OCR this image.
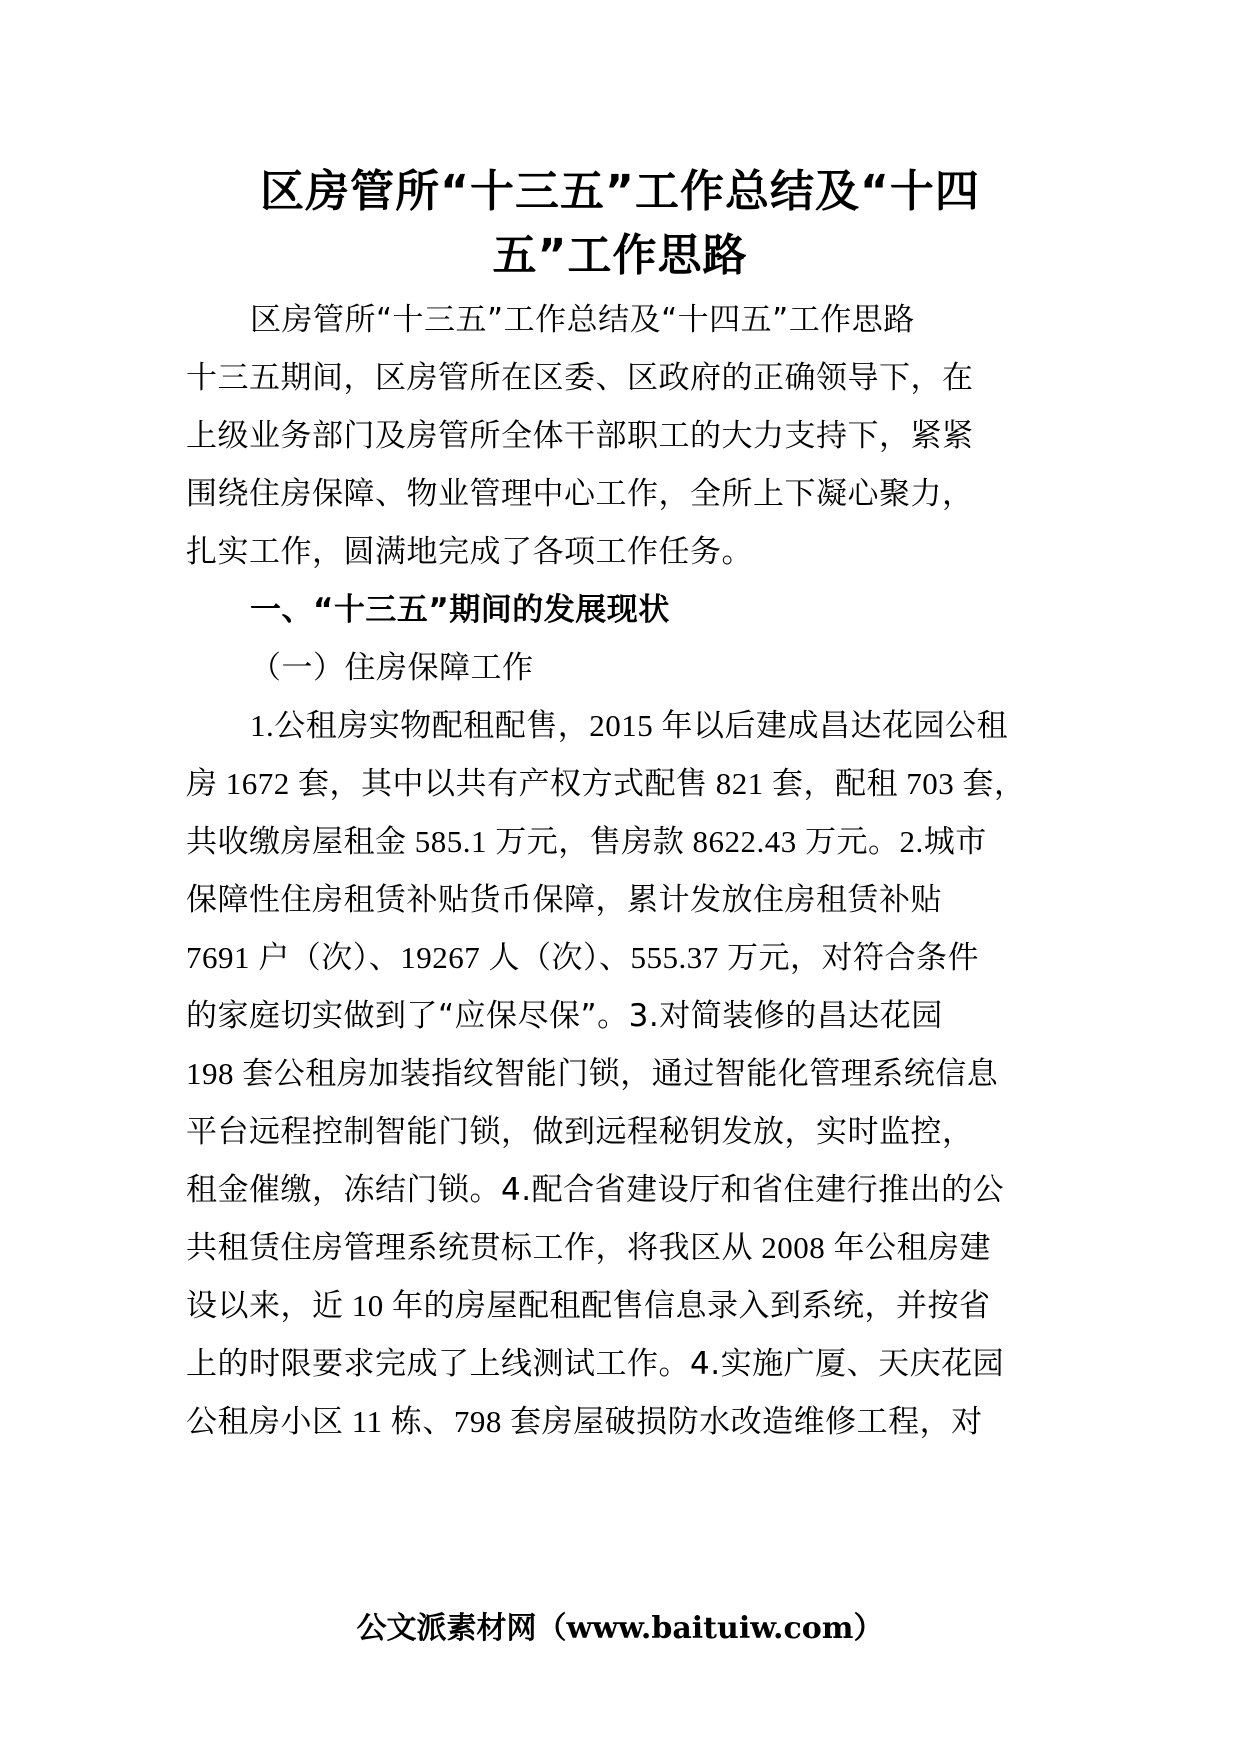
区房管所“十三五”工作总结及“十四
五”工作思路
区房管所“十三五”工作总结及“十四五”工作思路
十三五期间，区房管所在区委、区政府的正确领导下，在
上级业务部门及房管所全体干部职工的大力支持下，紧紧
围绕住房保障、物业管理中心工作，全所上下凝心聚力，
扎实工作，圆满地完成了各项工作任务。
一、“十三五”期间的发展现状
（一）住房保障工作
1.公租房实物配租配售，2015 年以后建成昌达花园公租
房 1672 套，其中以共有产权方式配售 821 套，配租 703 套，
共收缴房屋租金 585.1 万元，售房款 8622.43 万元。2.城市
保障性住房租赁补贴货币保障，累计发放住房租赁补贴
7691 户（次）、19267 人（次）、555.37 万元，对符合条件
的家庭切实做到了“应保尽保”。3.对简装修的昌达花园
198 套公租房加装指纹智能门锁，通过智能化管理系统信息
平台远程控制智能门锁，做到远程秘钥发放，实时监控，
租金催缴，冻结门锁。4.配合省建设厅和省住建行推出的公
共租赁住房管理系统贯标工作，将我区从 2008 年公租房建
设以来，近 10 年的房屋配租配售信息录入到系统，并按省
上的时限要求完成了上线测试工作。4.实施广厦、天庆花园
公租房小区 11 栋、798 套房屋破损防水改造维修工程，对
公文派素材网（www.baituiw.com）
